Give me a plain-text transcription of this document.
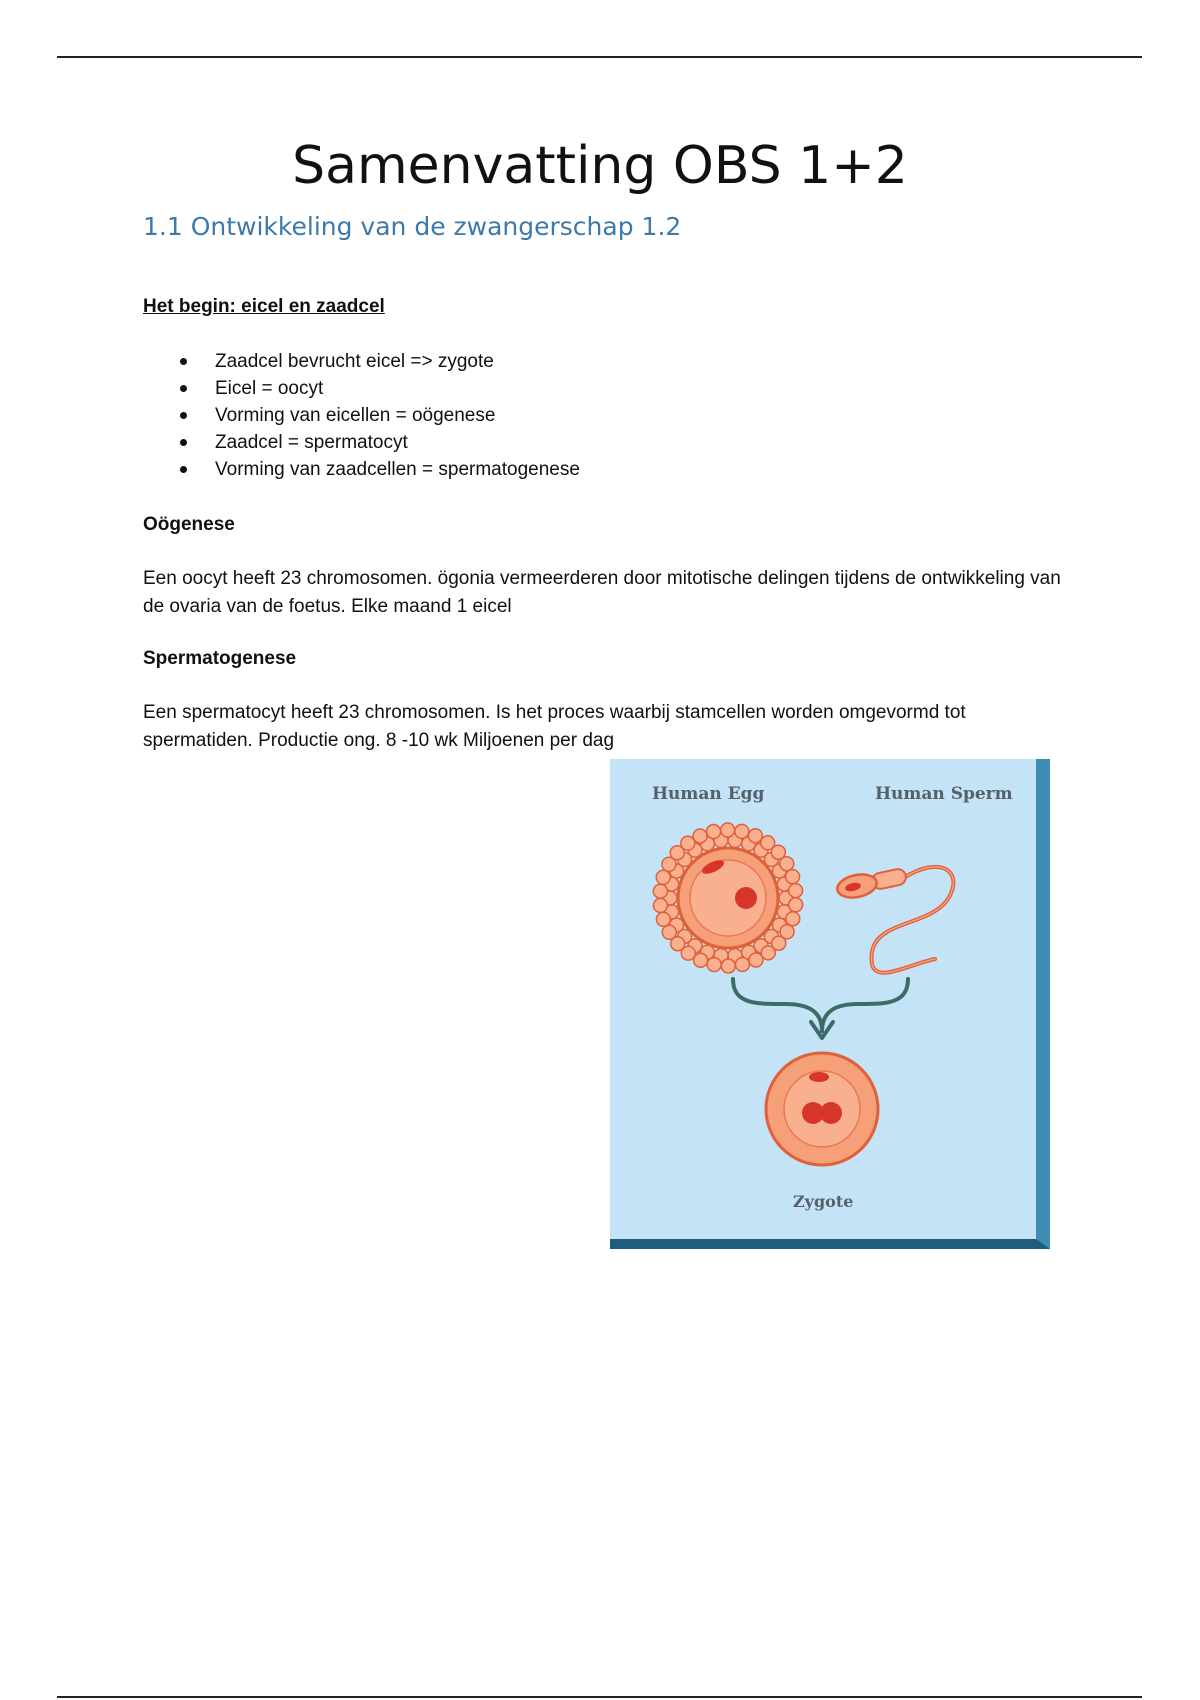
Samenvatting OBS 1+2
1.1 Ontwikkeling van de zwangerschap 1.2
Het begin: eicel en zaadcel
Zaadcel bevrucht eicel => zygote
Eicel = oocyt
Vorming van eicellen = oögenese
Zaadcel = spermatocyt
Vorming van zaadcellen = spermatogenese
Oögenese
Een oocyt heeft 23 chromosomen. ögonia vermeerderen door mitotische delingen tijdens de ontwikkeling van de ovaria van de foetus. Elke maand 1 eicel
Spermatogenese
Een spermatocyt heeft 23 chromosomen. Is het proces waarbij stamcellen worden omgevormd tot spermatiden. Productie ong. 8 -10 wk Miljoenen per dag
Human Egg	Human Sperm
Zygote
